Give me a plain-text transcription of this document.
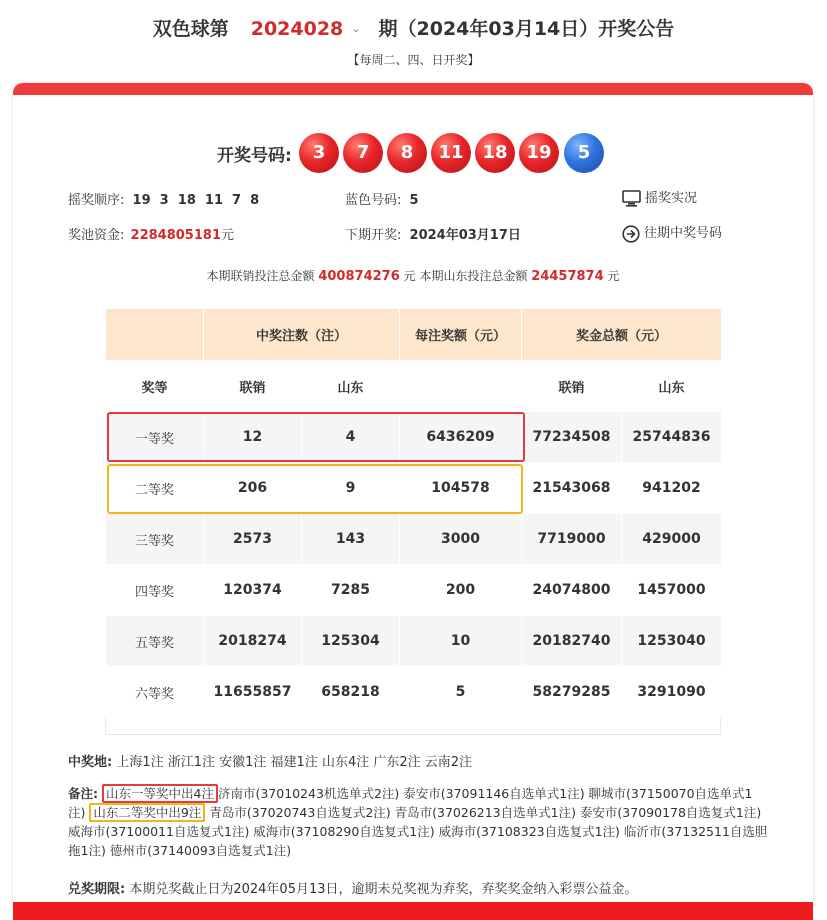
双色球第 2024028 ⌄ 期（2024年03月14日）开奖公告
【每周二、四、日开奖】
开奖号码:	3	7	8	11	18	19	5
摇奖顺序: 19  3  18  11  7  8	蓝色号码: 5	摇奖实况
奖池资金: 2284805181元	下期开奖: 2024年03月17日	往期中奖号码
本期联销投注总金额 400874276 元 本期山东投注总金额 24457874 元
	中奖注数（注）		每注奖额（元）	奖金总额（元）	
奖等	联销	山东		联销	山东
一等奖	12	4	6436209	77234508	25744836
二等奖	206	9	104578	21543068	941202
三等奖	2573	143	3000	7719000	429000
四等奖	120374	7285	200	24074800	1457000
五等奖	2018274	125304	10	20182740	1253040
六等奖	11655857	658218	5	58279285	3291090
中奖地: 上海1注 浙江1注 安徽1注 福建1注 山东4注 广东2注 云南2注
备注: 山东一等奖中出4注 济南市(37010243机选单式2注) 泰安市(37091146自选单式1注) 聊城市(37150070自选单式1注) 山东二等奖中出9注 青岛市(37020743自选复式2注) 青岛市(37026213自选单式1注) 泰安市(37090178自选复式1注) 威海市(37100011自选复式1注) 威海市(37108290自选复式1注) 威海市(37108323自选复式1注) 临沂市(37132511自选胆拖1注) 德州市(37140093自选复式1注)
兑奖期限: 本期兑奖截止日为2024年05月13日，逾期未兑奖视为弃奖，弃奖奖金纳入彩票公益金。
